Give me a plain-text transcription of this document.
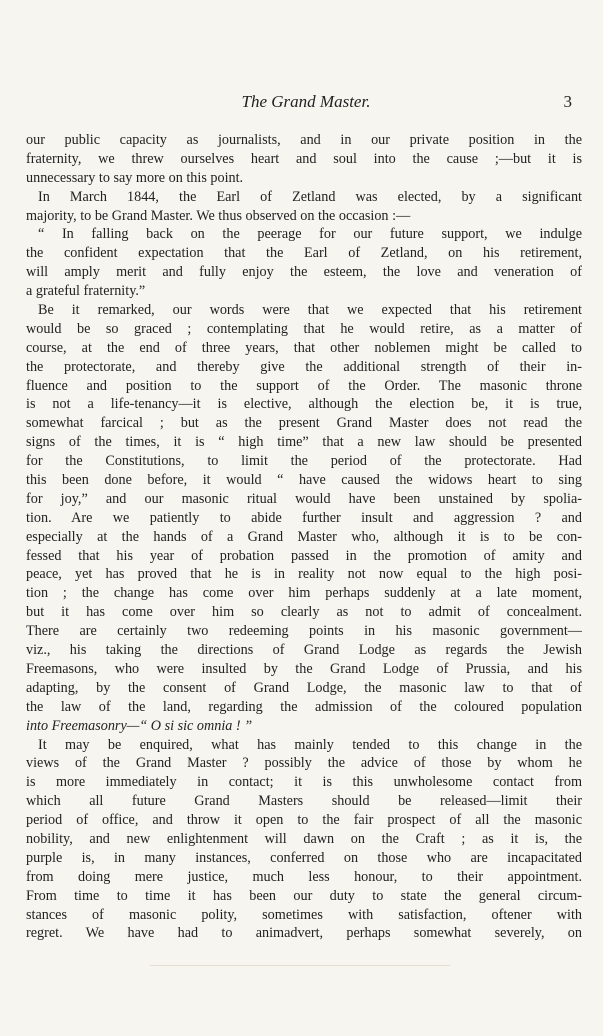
The Grand Master.	3
our public capacity as journalists, and in our private position in the
fraternity, we threw ourselves heart and soul into the cause ;—but it is
unnecessary to say more on this point.
In March 1844, the Earl of Zetland was elected, by a significant
majority, to be Grand Master. We thus observed on the occasion :—
“ In falling back on the peerage for our future support, we indulge
the confident expectation that the Earl of Zetland, on his retirement,
will amply merit and fully enjoy the esteem, the love and veneration of
a grateful fraternity.”
Be it remarked, our words were that we expected that his retirement
would be so graced ; contemplating that he would retire, as a matter of
course, at the end of three years, that other noblemen might be called to
the protectorate, and thereby give the additional strength of their in-
fluence and position to the support of the Order. The masonic throne
is not a life-tenancy—it is elective, although the election be, it is true,
somewhat farcical ; but as the present Grand Master does not read the
signs of the times, it is “ high time” that a new law should be presented
for the Constitutions, to limit the period of the protectorate. Had
this been done before, it would “ have caused the widows heart to sing
for joy,” and our masonic ritual would have been unstained by spolia-
tion. Are we patiently to abide further insult and aggression ? and
especially at the hands of a Grand Master who, although it is to be con-
fessed that his year of probation passed in the promotion of amity and
peace, yet has proved that he is in reality not now equal to the high posi-
tion ; the change has come over him perhaps suddenly at a late moment,
but it has come over him so clearly as not to admit of concealment.
There are certainly two redeeming points in his masonic government—
viz., his taking the directions of Grand Lodge as regards the Jewish
Freemasons, who were insulted by the Grand Lodge of Prussia, and his
adapting, by the consent of Grand Lodge, the masonic law to that of
the law of the land, regarding the admission of the coloured population
into Freemasonry—“ O si sic omnia ! ”
It may be enquired, what has mainly tended to this change in the
views of the Grand Master ? possibly the advice of those by whom he
is more immediately in contact; it is this unwholesome contact from
which all future Grand Masters should be released—limit their
period of office, and throw it open to the fair prospect of all the masonic
nobility, and new enlightenment will dawn on the Craft ; as it is, the
purple is, in many instances, conferred on those who are incapacitated
from doing mere justice, much less honour, to their appointment.
From time to time it has been our duty to state the general circum-
stances of masonic polity, sometimes with satisfaction, oftener with
regret. We have had to animadvert, perhaps somewhat severely, on
